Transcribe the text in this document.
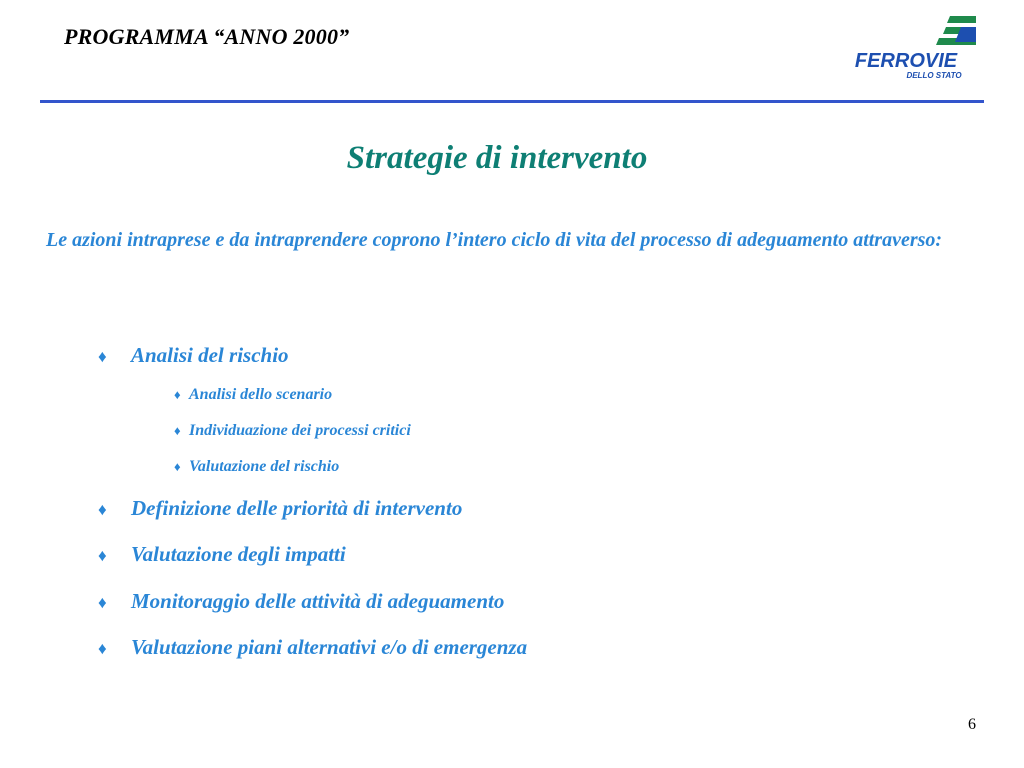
PROGRAMMA “ANNO 2000”
FERROVIE
DELLO STATO
Strategie di intervento
Le azioni intraprese e da intraprendere coprono l’intero ciclo di vita del processo di adeguamento attraverso:
♦ Analisi del rischio
♦ Analisi dello scenario
♦ Individuazione dei processi critici
♦ Valutazione del rischio
♦ Definizione delle priorità di intervento
♦ Valutazione degli impatti
♦ Monitoraggio delle attività di adeguamento
♦ Valutazione piani alternativi e/o di emergenza
6
